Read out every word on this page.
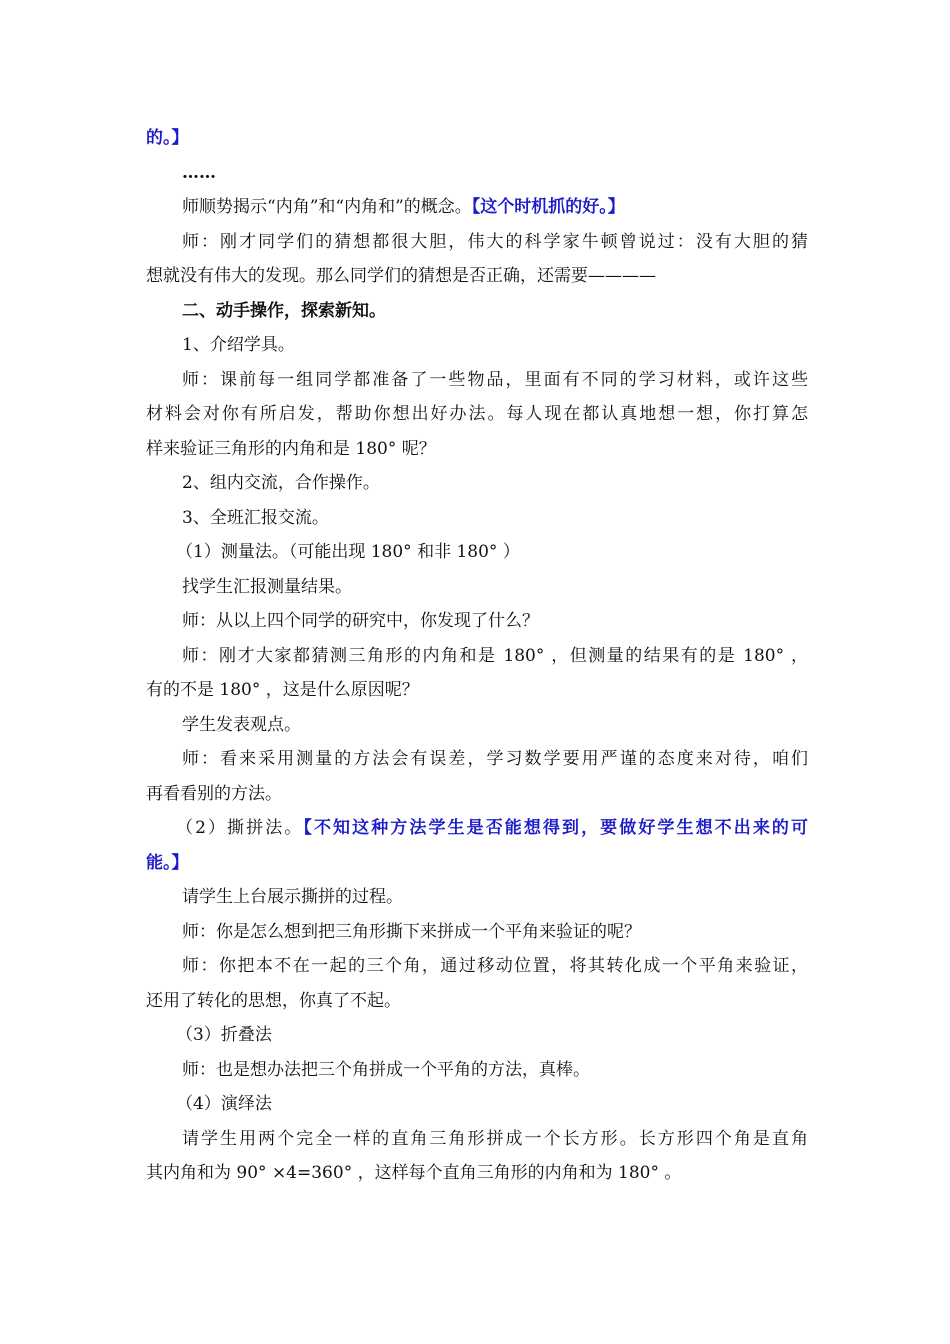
的。】
……
师顺势揭示“内角”和“内角和”的概念。【这个时机抓的好。】
师：刚才同学们的猜想都很大胆，伟大的科学家牛顿曾说过：没有大胆的猜
想就没有伟大的发现。那么同学们的猜想是否正确，还需要————
二、动手操作，探索新知。
1、介绍学具。
师：课前每一组同学都准备了一些物品，里面有不同的学习材料，或许这些
材料会对你有所启发，帮助你想出好办法。每人现在都认真地想一想，你打算怎
样来验证三角形的内角和是 180° 呢？
2、组内交流，合作操作。
3、全班汇报交流。
（1）测量法。（可能出现 180° 和非 180° ）
找学生汇报测量结果。
师：从以上四个同学的研究中，你发现了什么？
师：刚才大家都猜测三角形的内角和是 180° ，但测量的结果有的是 180° ，
有的不是 180° ，这是什么原因呢？
学生发表观点。
师：看来采用测量的方法会有误差，学习数学要用严谨的态度来对待，咱们
再看看别的方法。
（2）撕拼法。【不知这种方法学生是否能想得到，要做好学生想不出来的可
能。】
请学生上台展示撕拼的过程。
师：你是怎么想到把三角形撕下来拼成一个平角来验证的呢？
师：你把本不在一起的三个角，通过移动位置，将其转化成一个平角来验证，
还用了转化的思想，你真了不起。
（3）折叠法
师：也是想办法把三个角拼成一个平角的方法，真棒。
（4）演绎法
请学生用两个完全一样的直角三角形拼成一个长方形。长方形四个角是直角
其内角和为 90° ×4=360° ，这样每个直角三角形的内角和为 180° 。
